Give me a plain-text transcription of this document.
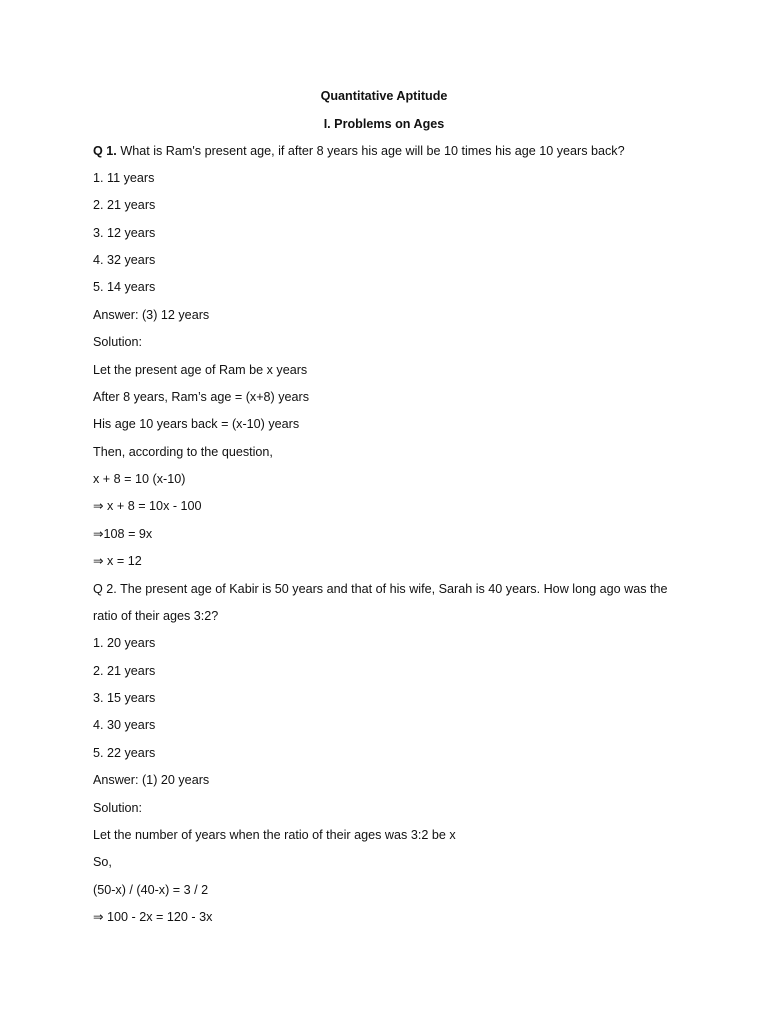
Quantitative Aptitude
I. Problems on Ages
Q 1. What is Ram's present age, if after 8 years his age will be 10 times his age 10 years back?
1. 11 years
2. 21 years
3. 12 years
4. 32 years
5. 14 years
Answer: (3) 12 years
Solution:
Let the present age of Ram be x years
After 8 years, Ram’s age = (x+8) years
His age 10 years back = (x-10) years
Then, according to the question,
x + 8 = 10 (x-10)
⇒ x + 8 = 10x - 100
⇒108 = 9x
⇒ x = 12
Q 2. The present age of Kabir is 50 years and that of his wife, Sarah is 40 years. How long ago was the
ratio of their ages 3:2?
1. 20 years
2. 21 years
3. 15 years
4. 30 years
5. 22 years
Answer: (1) 20 years
Solution:
Let the number of years when the ratio of their ages was 3:2 be x
So,
(50-x) / (40-x) = 3 / 2
⇒ 100 - 2x = 120 - 3x
